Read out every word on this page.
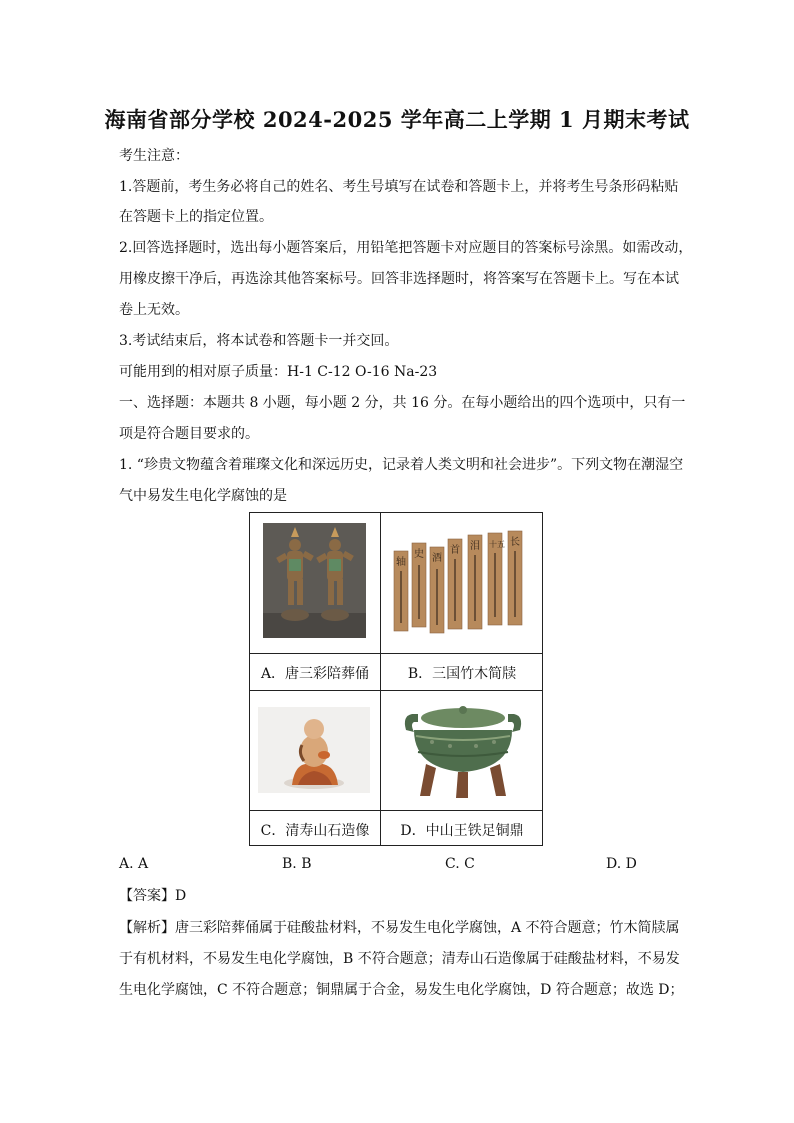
海南省部分学校 2024-2025 学年高二上学期 1 月期末考试
考生注意：
1.答题前，考生务必将自己的姓名、考生号填写在试卷和答题卡上，并将考生号条形码粘贴
在答题卡上的指定位置。
2.回答选择题时，选出每小题答案后，用铅笔把答题卡对应题目的答案标号涂黑。如需改动，
用橡皮擦干净后，再选涂其他答案标号。回答非选择题时，将答案写在答题卡上。写在本试
卷上无效。
3.考试结束后，将本试卷和答题卡一并交回。
可能用到的相对原子质量：H-1 C-12 O-16 Na-23
一、选择题：本题共 8 小题，每小题 2 分，共 16 分。在每小题给出的四个选项中，只有一
项是符合题目要求的。
1. “珍贵文物蕴含着璀璨文化和深远历史，记录着人类文明和社会进步”。下列文物在潮湿空
气中易发生电化学腐蚀的是
轴
史 酒
首 泪 十五 长
A．唐三彩陪葬俑	B．三国竹木简牍
C．清寿山石造像	D．中山王铁足铜鼎
A. A	B. B	C. C	D. D
【答案】D
【解析】唐三彩陪葬俑属于硅酸盐材料，不易发生电化学腐蚀，A 不符合题意；竹木简牍属
于有机材料，不易发生电化学腐蚀，B 不符合题意；清寿山石造像属于硅酸盐材料，不易发
生电化学腐蚀，C 不符合题意；铜鼎属于合金，易发生电化学腐蚀，D 符合题意；故选 D；
